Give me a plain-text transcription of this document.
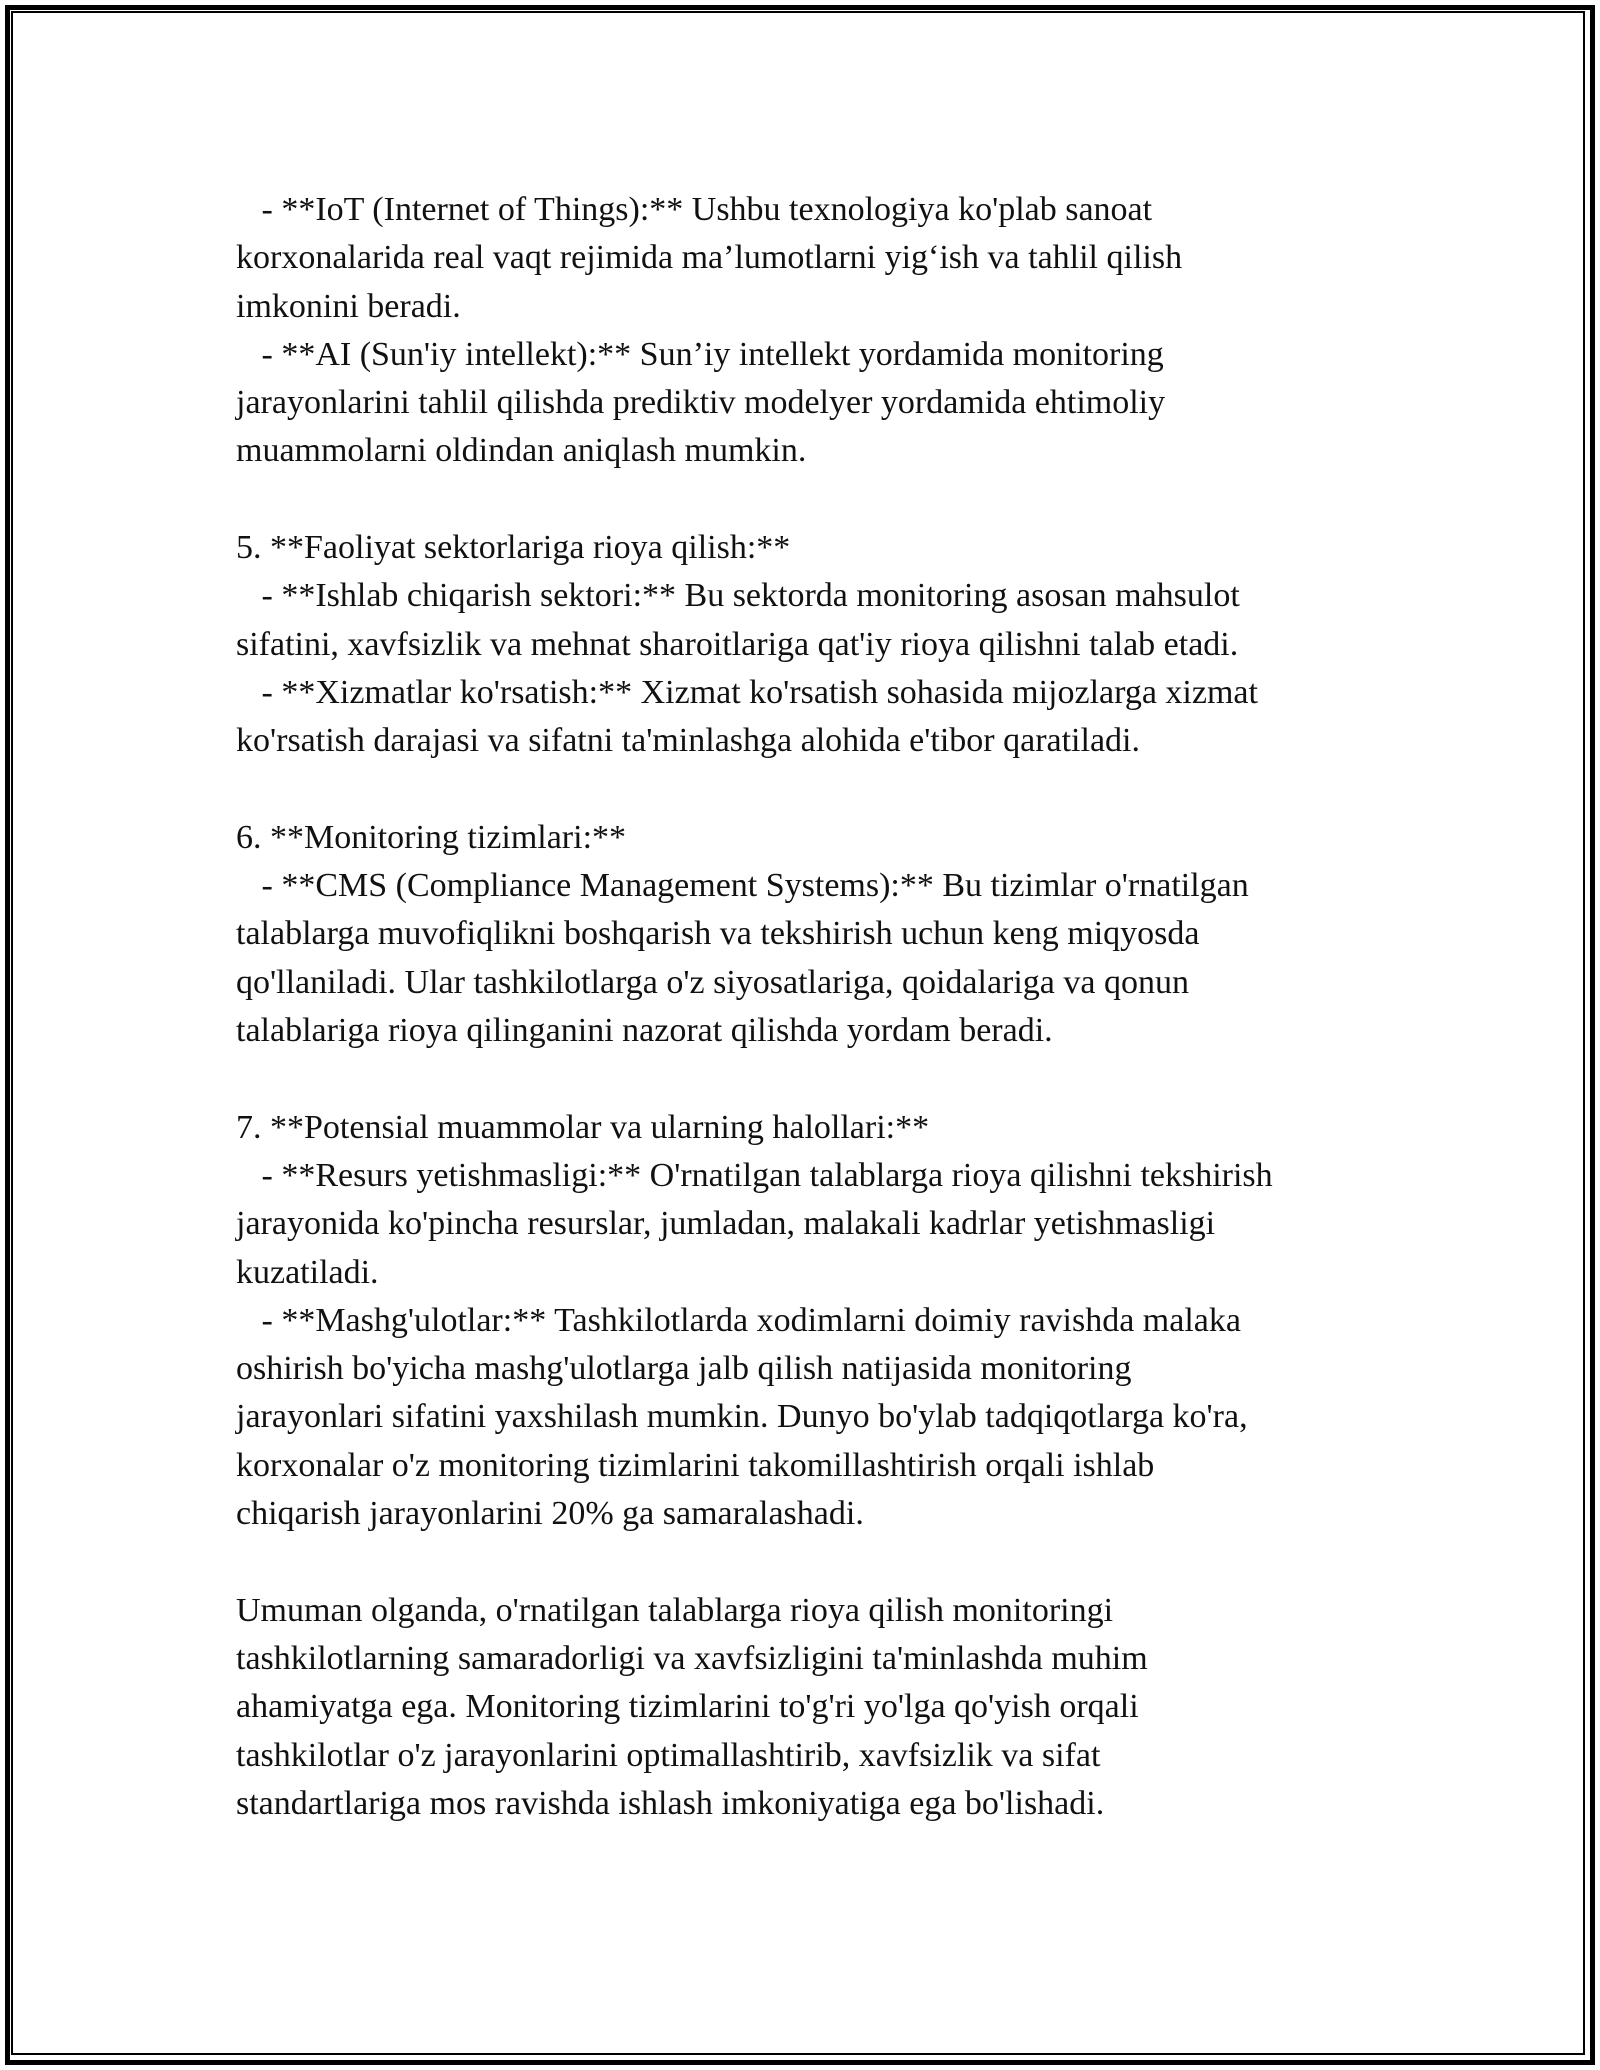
- **IoT (Internet of Things):** Ushbu texnologiya ko'plab sanoat
korxonalarida real vaqt rejimida ma’lumotlarni yig‘ish va tahlil qilish
imkonini beradi.
- **AI (Sun'iy intellekt):** Sun’iy intellekt yordamida monitoring
jarayonlarini tahlil qilishda prediktiv modelyer yordamida ehtimoliy
muammolarni oldindan aniqlash mumkin.
5. **Faoliyat sektorlariga rioya qilish:**
- **Ishlab chiqarish sektori:** Bu sektorda monitoring asosan mahsulot
sifatini, xavfsizlik va mehnat sharoitlariga qat'iy rioya qilishni talab etadi.
- **Xizmatlar ko'rsatish:** Xizmat ko'rsatish sohasida mijozlarga xizmat
ko'rsatish darajasi va sifatni ta'minlashga alohida e'tibor qaratiladi.
6. **Monitoring tizimlari:**
- **CMS (Compliance Management Systems):** Bu tizimlar o'rnatilgan
talablarga muvofiqlikni boshqarish va tekshirish uchun keng miqyosda
qo'llaniladi. Ular tashkilotlarga o'z siyosatlariga, qoidalariga va qonun
talablariga rioya qilinganini nazorat qilishda yordam beradi.
7. **Potensial muammolar va ularning halollari:**
- **Resurs yetishmasligi:** O'rnatilgan talablarga rioya qilishni tekshirish
jarayonida ko'pincha resurslar, jumladan, malakali kadrlar yetishmasligi
kuzatiladi.
- **Mashg'ulotlar:** Tashkilotlarda xodimlarni doimiy ravishda malaka
oshirish bo'yicha mashg'ulotlarga jalb qilish natijasida monitoring
jarayonlari sifatini yaxshilash mumkin. Dunyo bo'ylab tadqiqotlarga ko'ra,
korxonalar o'z monitoring tizimlarini takomillashtirish orqali ishlab
chiqarish jarayonlarini 20% ga samaralashadi.
Umuman olganda, o'rnatilgan talablarga rioya qilish monitoringi
tashkilotlarning samaradorligi va xavfsizligini ta'minlashda muhim
ahamiyatga ega. Monitoring tizimlarini to'g'ri yo'lga qo'yish orqali
tashkilotlar o'z jarayonlarini optimallashtirib, xavfsizlik va sifat
standartlariga mos ravishda ishlash imkoniyatiga ega bo'lishadi.
